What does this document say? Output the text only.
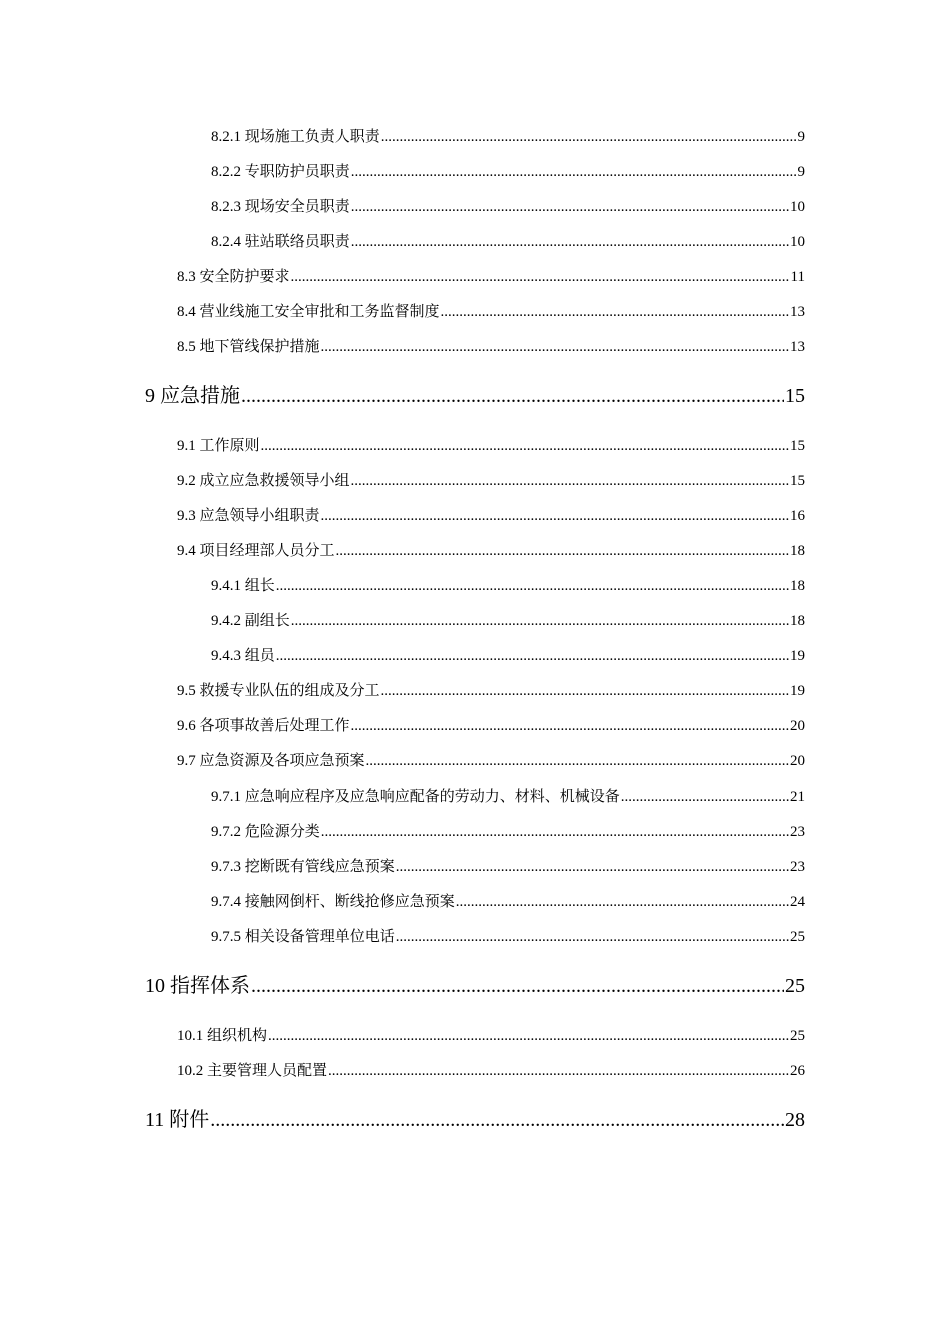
8.2.1 现场施工负责人职责 .....	9
8.2.2 专职防护员职责 .....	9
8.2.3 现场安全员职责 .....	10
8.2.4 驻站联络员职责 .....	10
8.3 安全防护要求 .....	11
8.4 营业线施工安全审批和工务监督制度 .....	13
8.5 地下管线保护措施 .....	13
9 应急措施 .....	15
9.1 工作原则 .....	15
9.2 成立应急救援领导小组 .....	15
9.3 应急领导小组职责 .....	16
9.4 项目经理部人员分工 .....	18
9.4.1 组长 .....	18
9.4.2 副组长 .....	18
9.4.3 组员 .....	19
9.5 救援专业队伍的组成及分工 .....	19
9.6 各项事故善后处理工作 .....	20
9.7 应急资源及各项应急预案 .....	20
9.7.1 应急响应程序及应急响应配备的劳动力、材料、机械设备 .....	21
9.7.2 危险源分类 .....	23
9.7.3 挖断既有管线应急预案 .....	23
9.7.4 接触网倒杆、断线抢修应急预案 .....	24
9.7.5 相关设备管理单位电话 .....	25
10 指挥体系 .....	25
10.1 组织机构 .....	25
10.2 主要管理人员配置 .....	26
11 附件 .....	28
